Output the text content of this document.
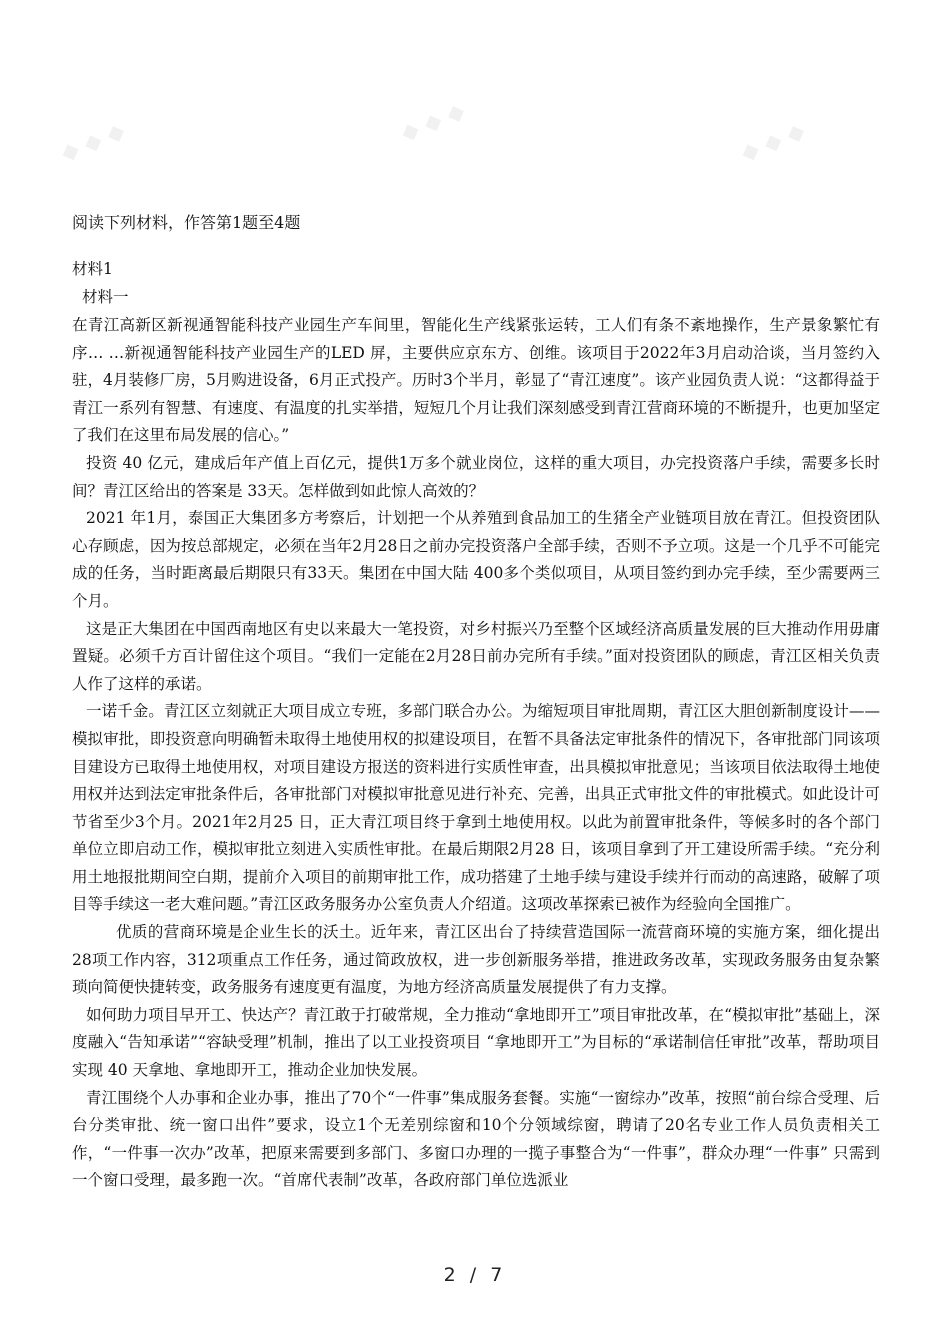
◆ ◆ ◆	◆ ◆ ◆	◆ ◆ ◆
阅读下列材料，作答第1题至4题
材料1
材料一

在青江高新区新视通智能科技产业园生产车间里，智能化生产线紧张运转，工人们有条不紊地操作，生产景象繁忙有序… …新视通智能科技产业园生产的LED 屏，主要供应京东方、创维。该项目于2022年3月启动洽谈，当月签约入驻，4月装修厂房，5月购进设备，6月正式投产。历时3个半月，彰显了“青江速度”。该产业园负责人说：“这都得益于青江一系列有智慧、有速度、有温度的扎实举措，短短几个月让我们深刻感受到青江营商环境的不断提升，也更加坚定了我们在这里布局发展的信心。”

投资 40 亿元，建成后年产值上百亿元，提供1万多个就业岗位，这样的重大项目，办完投资落户手续，需要多长时间？青江区给出的答案是 33天。怎样做到如此惊人高效的？

2021 年1月，泰国正大集团多方考察后，计划把一个从养殖到食品加工的生猪全产业链项目放在青江。但投资团队心存顾虑，因为按总部规定，必须在当年2月28日之前办完投资落户全部手续，否则不予立项。这是一个几乎不可能完成的任务，当时距离最后期限只有33天。集团在中国大陆 400多个类似项目，从项目签约到办完手续，至少需要两三个月。

这是正大集团在中国西南地区有史以来最大一笔投资，对乡村振兴乃至整个区域经济高质量发展的巨大推动作用毋庸置疑。必须千方百计留住这个项目。“我们一定能在2月28日前办完所有手续。”面对投资团队的顾虑，青江区相关负责人作了这样的承诺。

一诺千金。青江区立刻就正大项目成立专班，多部门联合办公。为缩短项目审批周期，青江区大胆创新制度设计——模拟审批，即投资意向明确暂未取得土地使用权的拟建设项目，在暂不具备法定审批条件的情况下，各审批部门同该项目建设方已取得土地使用权，对项目建设方报送的资料进行实质性审查，出具模拟审批意见；当该项目依法取得土地使用权并达到法定审批条件后，各审批部门对模拟审批意见进行补充、完善，出具正式审批文件的审批模式。如此设计可节省至少3个月。2021年2月25 日，正大青江项目终于拿到土地使用权。以此为前置审批条件，等候多时的各个部门单位立即启动工作，模拟审批立刻进入实质性审批。在最后期限2月28 日，该项目拿到了开工建设所需手续。“充分利用土地报批期间空白期，提前介入项目的前期审批工作，成功搭建了土地手续与建设手续并行而动的高速路，破解了项目等手续这一老大难问题。”青江区政务服务办公室负责人介绍道。这项改革探索已被作为经验向全国推广。

优质的营商环境是企业生长的沃土。近年来，青江区出台了持续营造国际一流营商环境的实施方案，细化提出 28项工作内容，312项重点工作任务，通过简政放权，进一步创新服务举措，推进政务改革，实现政务服务由复杂繁琐向简便快捷转变，政务服务有速度更有温度，为地方经济高质量发展提供了有力支撑。

如何助力项目早开工、快达产？青江敢于打破常规，全力推动“拿地即开工”项目审批改革，在“模拟审批”基础上，深度融入“告知承诺”“容缺受理”机制，推出了以工业投资项目 “拿地即开工”为目标的“承诺制信任审批”改革，帮助项目实现 40 天拿地、拿地即开工，推动企业加快发展。

青江围绕个人办事和企业办事，推出了70个“一件事”集成服务套餐。实施“一窗综办”改革，按照“前台综合受理、后台分类审批、统一窗口出件”要求，设立1个无差别综窗和10个分领域综窗，聘请了20名专业工作人员负责相关工作，“一件事一次办”改革，把原来需要到多部门、多窗口办理的一揽子事整合为“一件事”，群众办理“一件事” 只需到一个窗口受理，最多跑一次。“首席代表制”改革，各政府部门单位选派业

2 / 7
